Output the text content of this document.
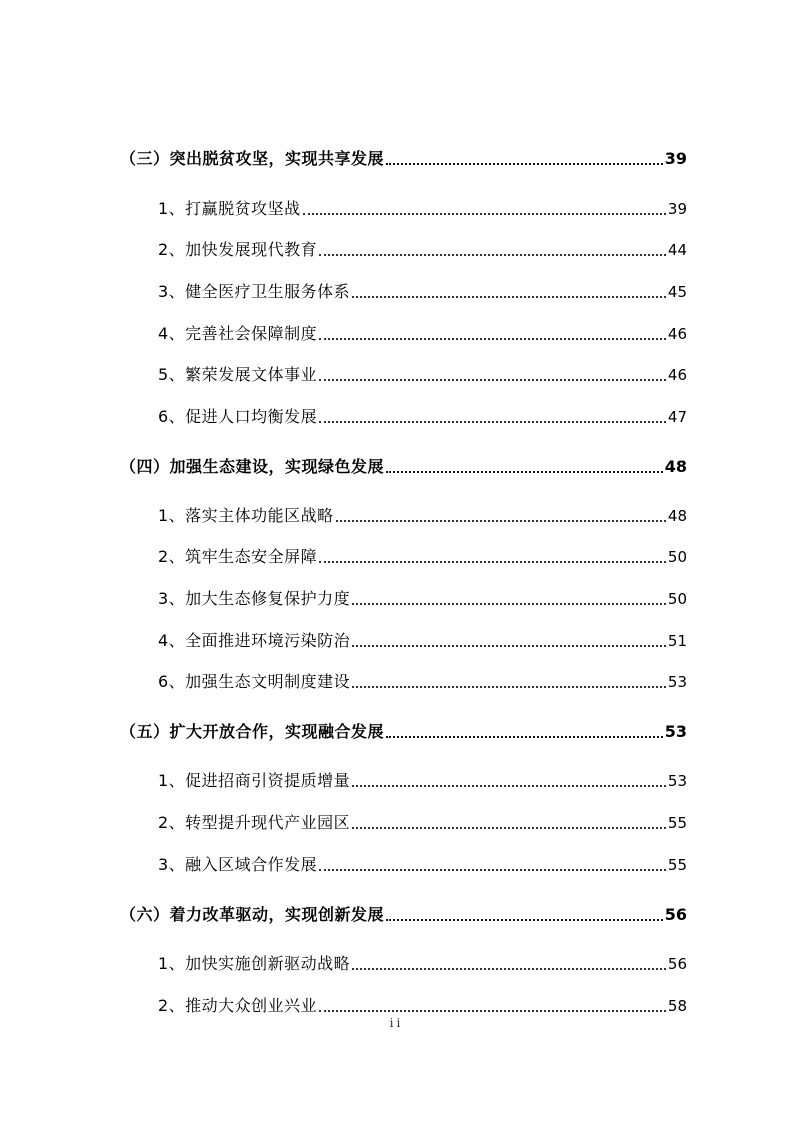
（三）突出脱贫攻坚，实现共享发展	39
1、打赢脱贫攻坚战	39
2、加快发展现代教育	44
3、健全医疗卫生服务体系	45
4、完善社会保障制度	46
5、繁荣发展文体事业	46
6、促进人口均衡发展	47
（四）加强生态建设，实现绿色发展	48
1、落实主体功能区战略	48
2、筑牢生态安全屏障	50
3、加大生态修复保护力度	50
4、全面推进环境污染防治	51
6、加强生态文明制度建设	53
（五）扩大开放合作，实现融合发展	53
1、促进招商引资提质增量	53
2、转型提升现代产业园区	55
3、融入区域合作发展	55
（六）着力改革驱动，实现创新发展	56
1、加快实施创新驱动战略	56
2、推动大众创业兴业	58
ii
